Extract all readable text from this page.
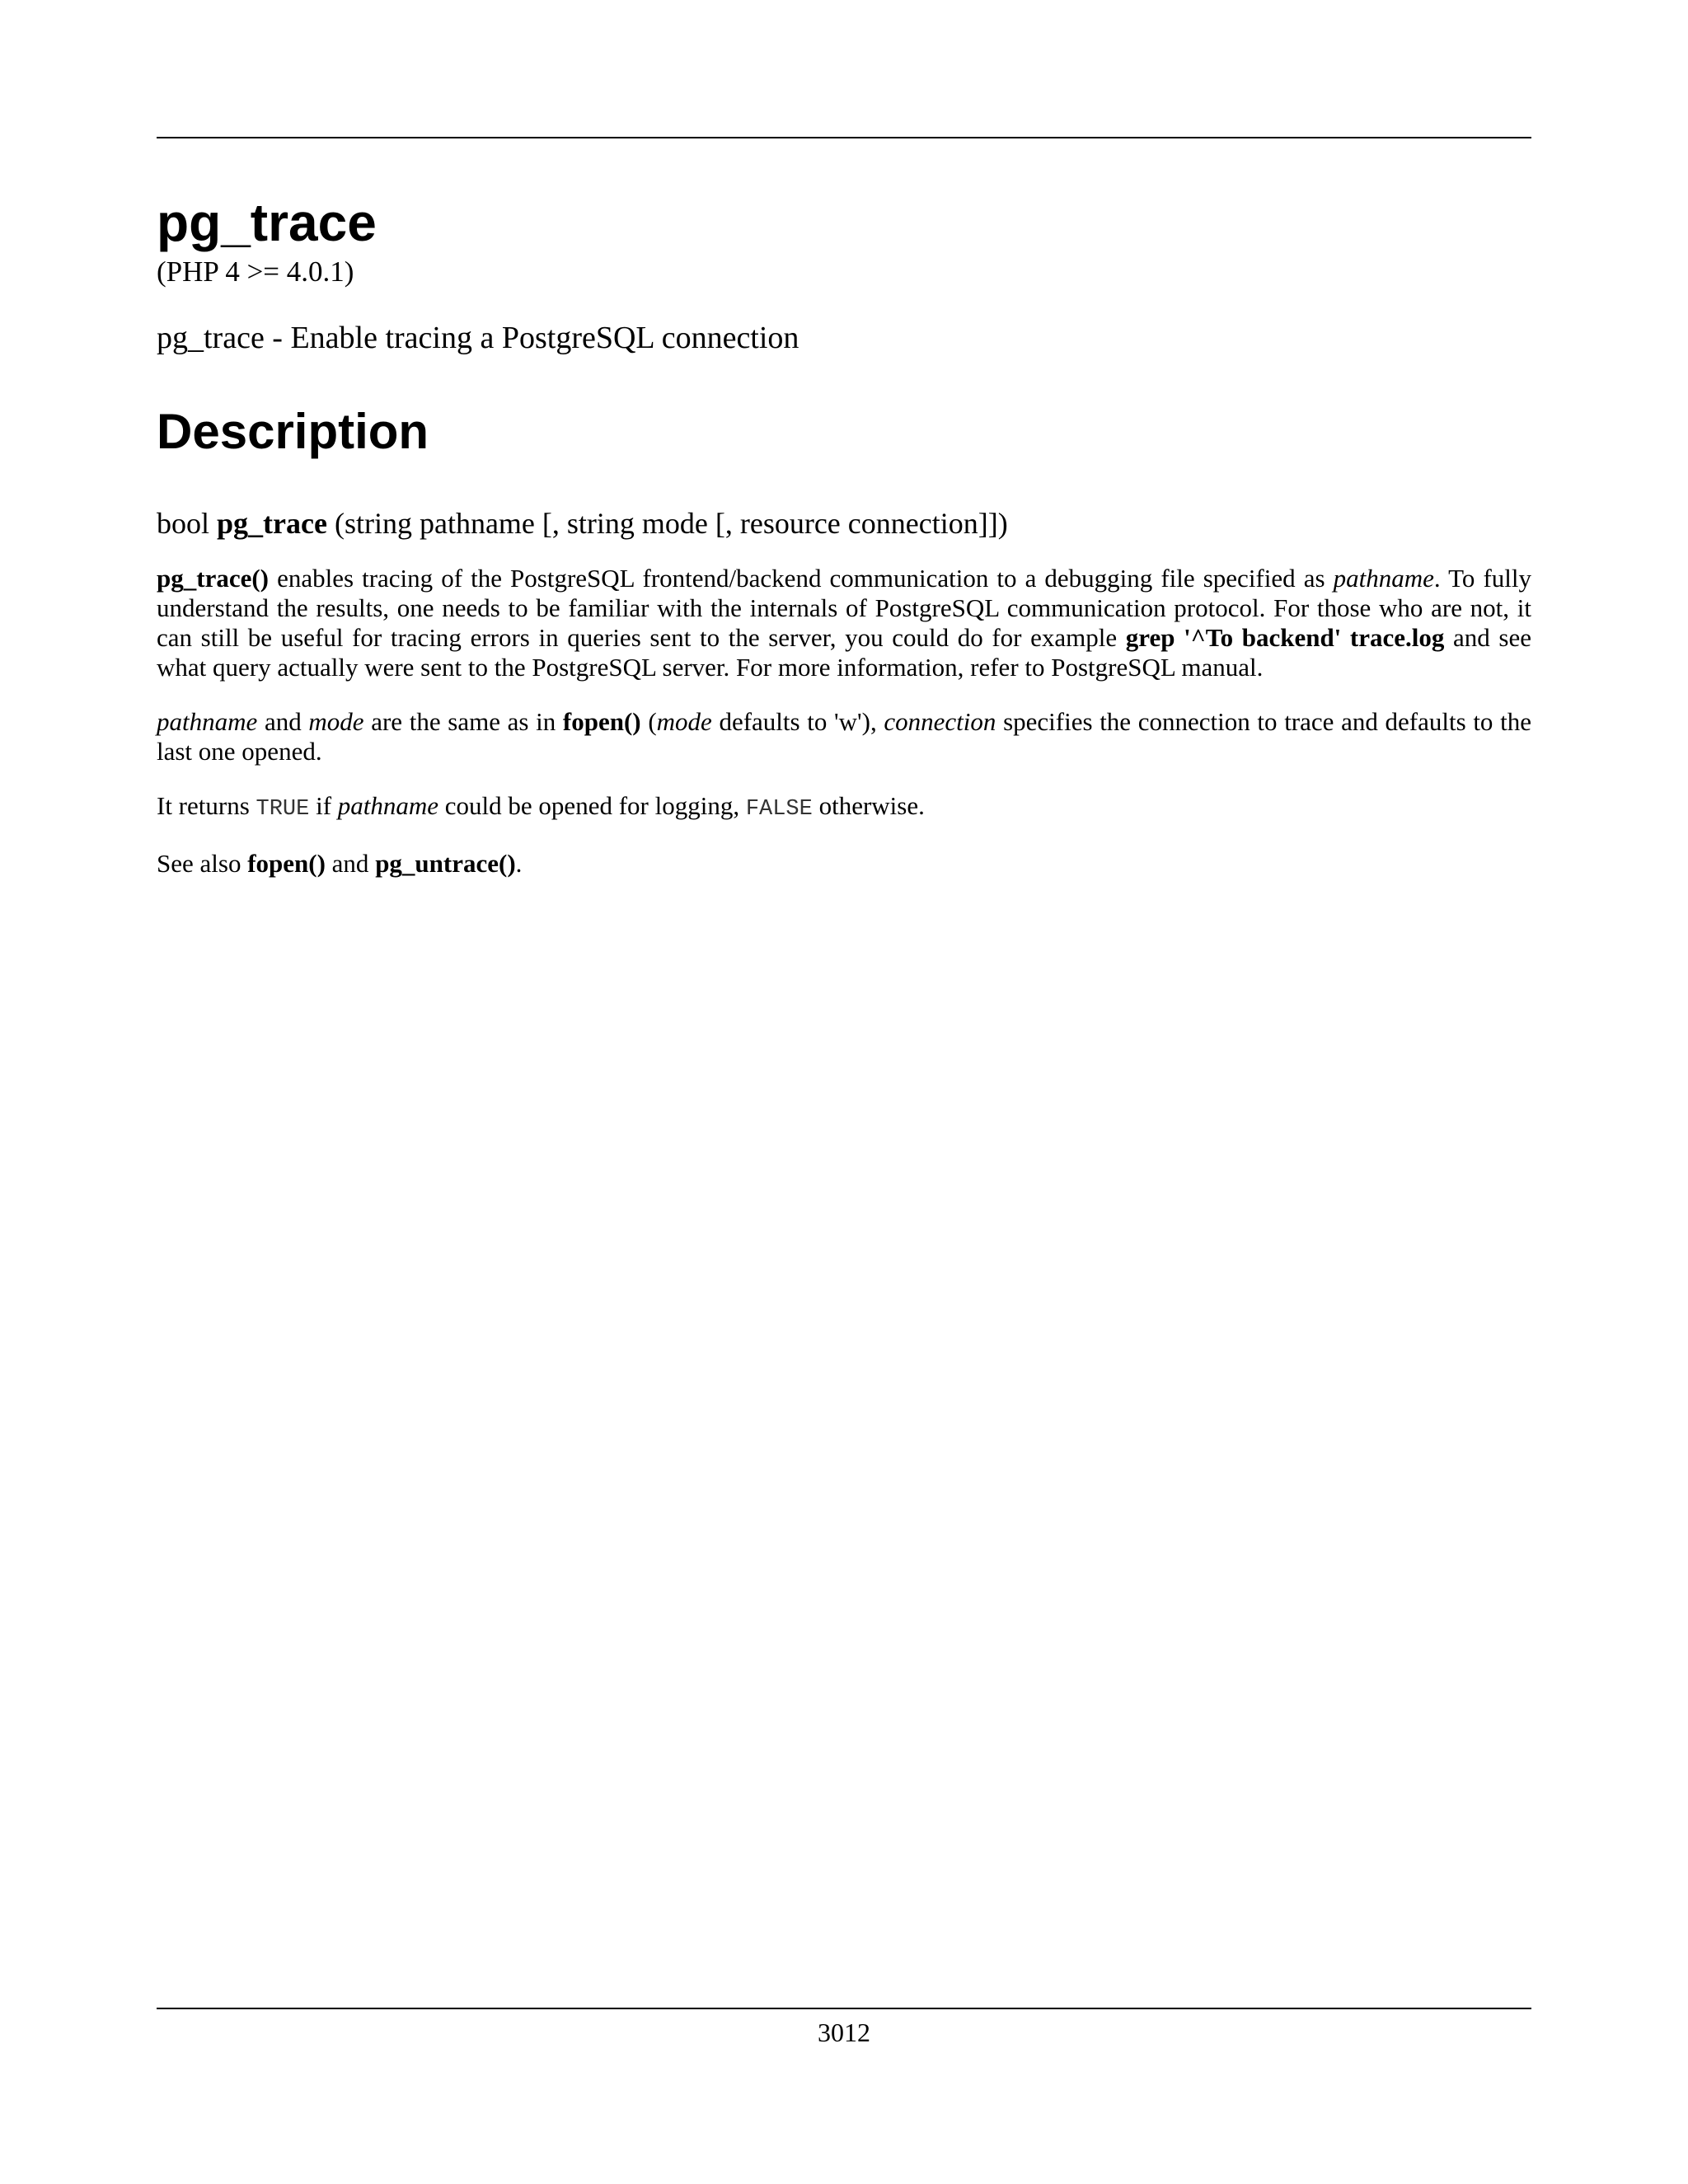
pg_trace
(PHP 4 >= 4.0.1)
pg_trace - Enable tracing a PostgreSQL connection
Description
bool pg_trace (string pathname [, string mode [, resource connection]])

pg_trace() enables tracing of the PostgreSQL frontend/backend communication to a debugging file specified as pathname. To fully understand the results, one needs to be familiar with the internals of PostgreSQL communication protocol. For those who are not, it can still be useful for tracing errors in queries sent to the server, you could do for example grep '^To backend' trace.log and see what query actually were sent to the PostgreSQL server. For more information, refer to PostgreSQL manual.

pathname and mode are the same as in fopen() (mode defaults to 'w'), connection specifies the connection to trace and defaults to the last one opened.

It returns TRUE if pathname could be opened for logging, FALSE otherwise.

See also fopen() and pg_untrace().

3012
